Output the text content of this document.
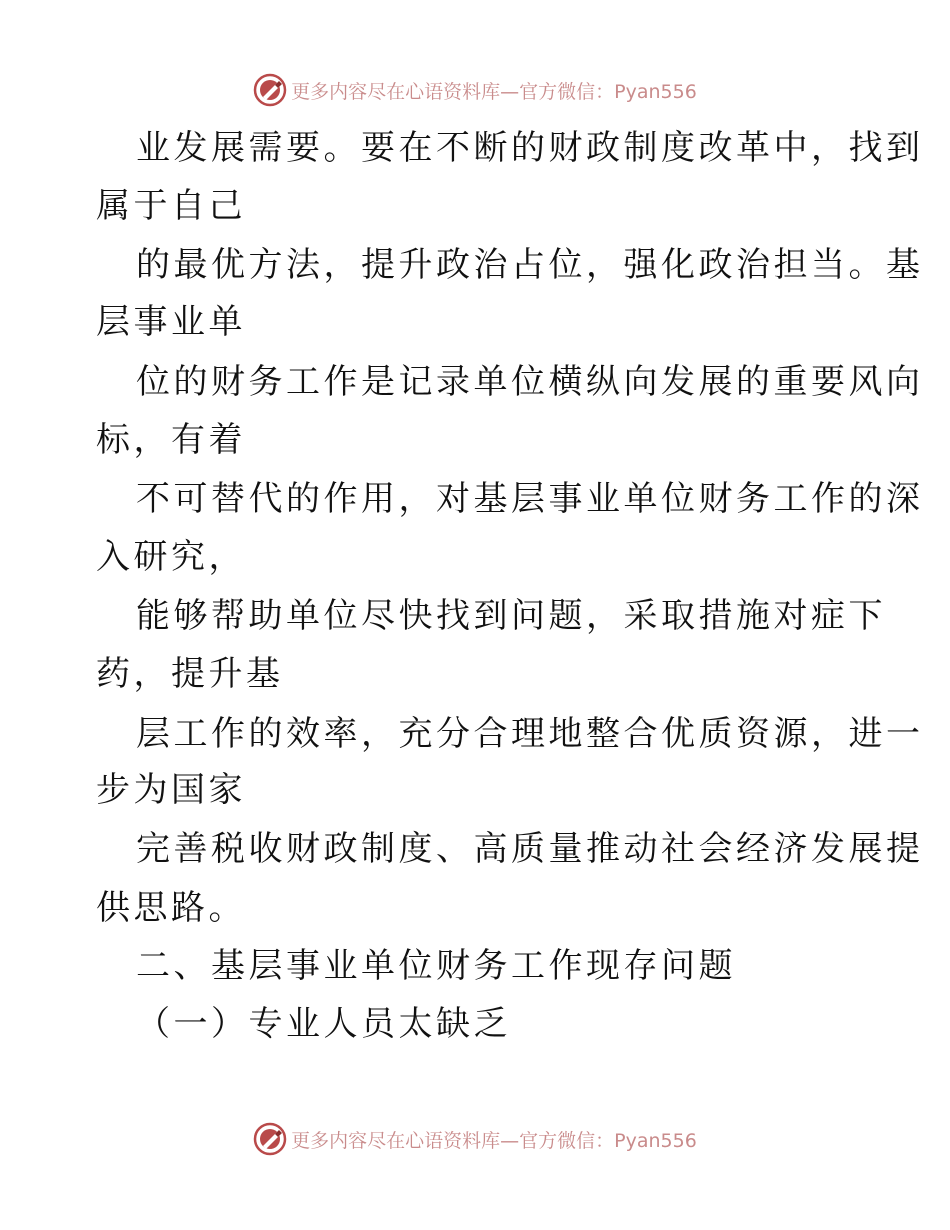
更多内容尽在心语资料库—官方微信：Pyan556
业发展需要。要在不断的财政制度改革中，找到
属于自己
的最优方法，提升政治占位，强化政治担当。基
层事业单
位的财务工作是记录单位横纵向发展的重要风向
标，有着
不可替代的作用，对基层事业单位财务工作的深
入研究，
能够帮助单位尽快找到问题，采取措施对症下
药，提升基
层工作的效率，充分合理地整合优质资源，进一
步为国家
完善税收财政制度、高质量推动社会经济发展提
供思路。
二、基层事业单位财务工作现存问题
（一）专业人员太缺乏
更多内容尽在心语资料库—官方微信：Pyan556
